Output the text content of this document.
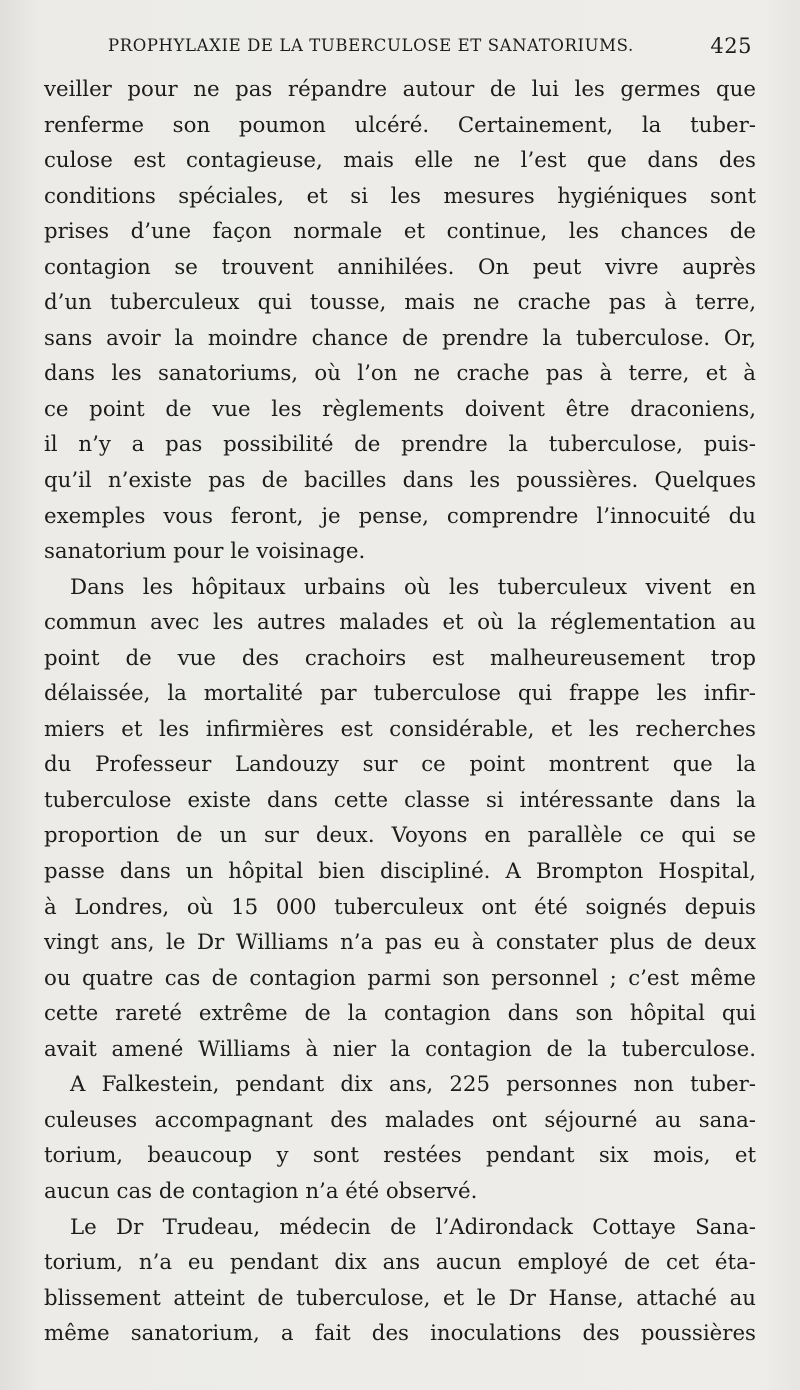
PROPHYLAXIE DE LA TUBERCULOSE ET SANATORIUMS.	425
veiller pour ne pas répandre autour de lui les germes que
renferme son poumon ulcéré. Certainement, la tuber-
culose est contagieuse, mais elle ne l’est que dans des
conditions spéciales, et si les mesures hygiéniques sont
prises d’une façon normale et continue, les chances de
contagion se trouvent annihilées. On peut vivre auprès
d’un tuberculeux qui tousse, mais ne crache pas à terre,
sans avoir la moindre chance de prendre la tuberculose. Or,
dans les sanatoriums, où l’on ne crache pas à terre, et à
ce point de vue les règlements doivent être draconiens,
il n’y a pas possibilité de prendre la tuberculose, puis-
qu’il n’existe pas de bacilles dans les poussières. Quelques
exemples vous feront, je pense, comprendre l’innocuité du
sanatorium pour le voisinage.
Dans les hôpitaux urbains où les tuberculeux vivent en
commun avec les autres malades et où la réglementation au
point de vue des crachoirs est malheureusement trop
délaissée, la mortalité par tuberculose qui frappe les infir-
miers et les infirmières est considérable, et les recherches
du Professeur Landouzy sur ce point montrent que la
tuberculose existe dans cette classe si intéressante dans la
proportion de un sur deux. Voyons en parallèle ce qui se
passe dans un hôpital bien discipliné. A Brompton Hospital,
à Londres, où 15 000 tuberculeux ont été soignés depuis
vingt ans, le Dr Williams n’a pas eu à constater plus de deux
ou quatre cas de contagion parmi son personnel ; c’est même
cette rareté extrême de la contagion dans son hôpital qui
avait amené Williams à nier la contagion de la tuberculose.
A Falkestein, pendant dix ans, 225 personnes non tuber-
culeuses accompagnant des malades ont séjourné au sana-
torium, beaucoup y sont restées pendant six mois, et
aucun cas de contagion n’a été observé.
Le Dr Trudeau, médecin de l’Adirondack Cottaye Sana-
torium, n’a eu pendant dix ans aucun employé de cet éta-
blissement atteint de tuberculose, et le Dr Hanse, attaché au
même sanatorium, a fait des inoculations des poussières
